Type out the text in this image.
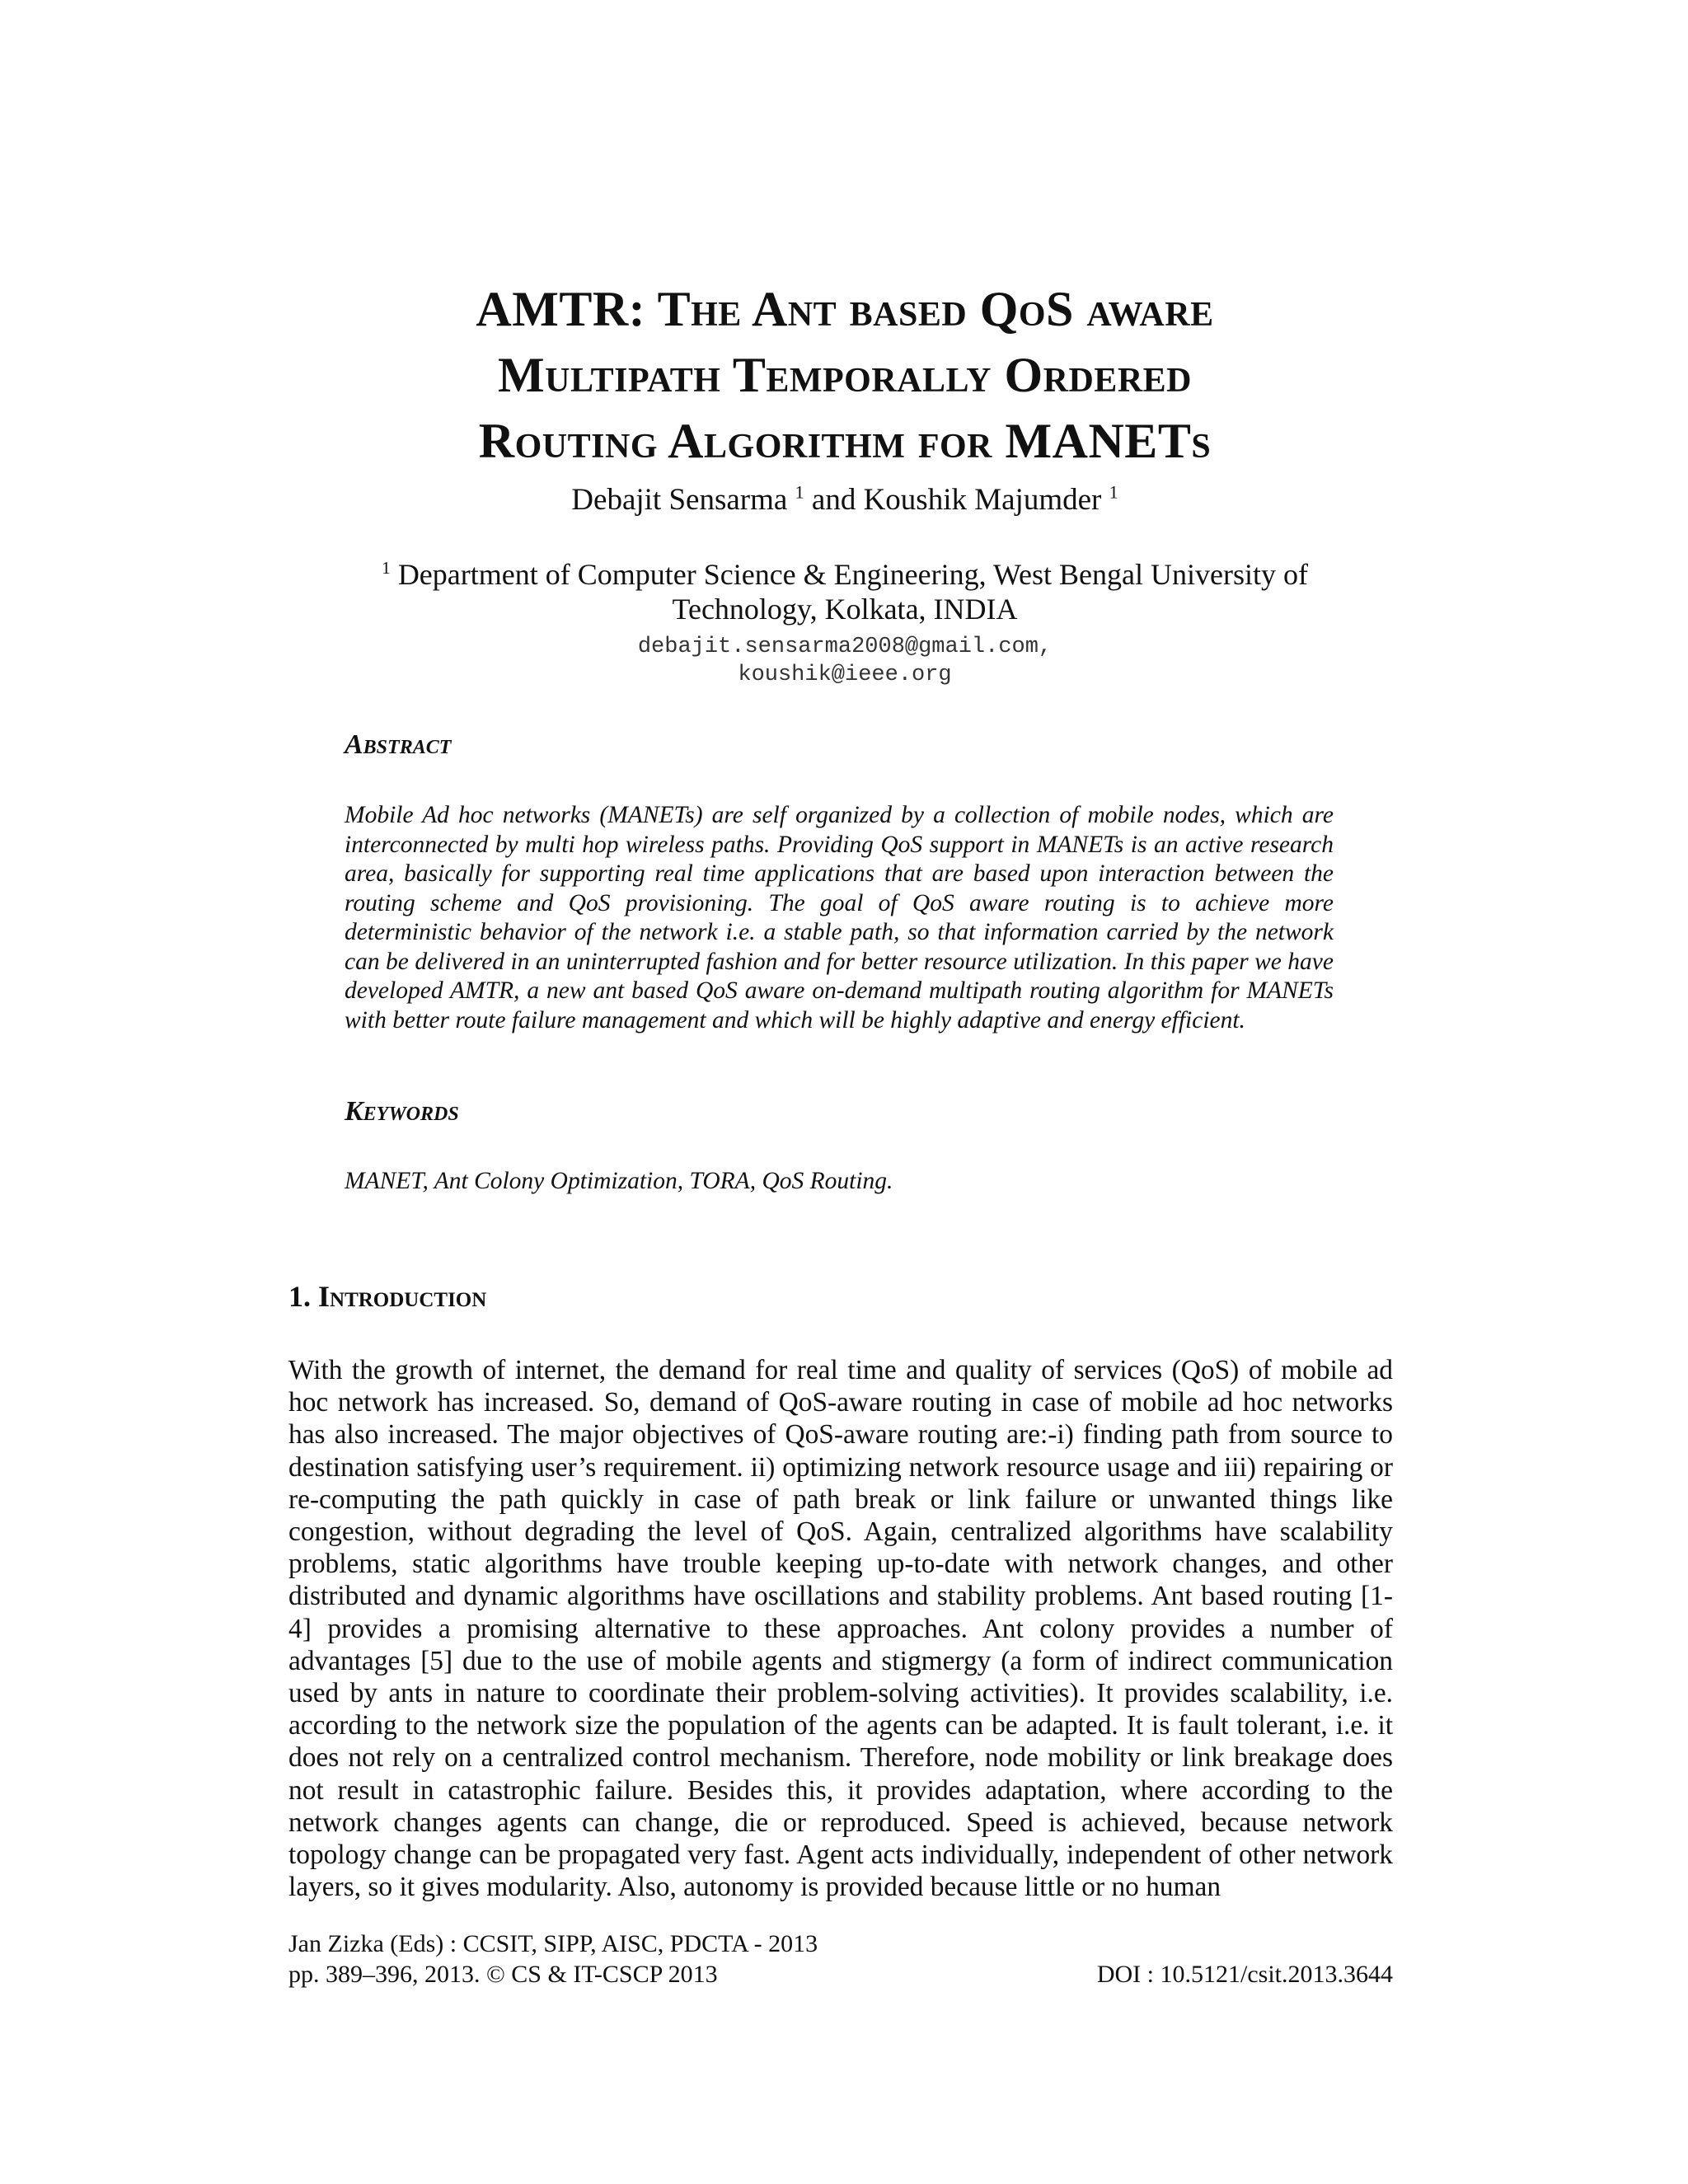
AMTR: The Ant based QoS aware
Multipath Temporally Ordered
Routing Algorithm for MANETs
Debajit Sensarma $^1$ and Koushik Majumder $^1$
$^1$ Department of Computer Science & Engineering, West Bengal University of Technology, Kolkata, INDIA
debajit.sensarma2008@gmail.com,
koushik@ieee.org
Abstract
Mobile Ad hoc networks (MANETs) are self organized by a collection of mobile nodes, which are interconnected by multi hop wireless paths. Providing QoS support in MANETs is an active research area, basically for supporting real time applications that are based upon interaction between the routing scheme and QoS provisioning. The goal of QoS aware routing is to achieve more deterministic behavior of the network i.e. a stable path, so that information carried by the network can be delivered in an uninterrupted fashion and for better resource utilization. In this paper we have developed AMTR, a new ant based QoS aware on-demand multipath routing algorithm for MANETs with better route failure management and which will be highly adaptive and energy efficient.
Keywords
MANET, Ant Colony Optimization, TORA, QoS Routing.
1. Introduction
With the growth of internet, the demand for real time and quality of services (QoS) of mobile ad hoc network has increased. So, demand of QoS-aware routing in case of mobile ad hoc networks has also increased. The major objectives of QoS-aware routing are:-i) finding path from source to destination satisfying user’s requirement. ii) optimizing network resource usage and iii) repairing or re-computing the path quickly in case of path break or link failure or unwanted things like congestion, without degrading the level of QoS. Again, centralized algorithms have scalability problems, static algorithms have trouble keeping up-to-date with network changes, and other distributed and dynamic algorithms have oscillations and stability problems. Ant based routing [1-4] provides a promising alternative to these approaches. Ant colony provides a number of advantages [5] due to the use of mobile agents and stigmergy (a form of indirect communication used by ants in nature to coordinate their problem-solving activities). It provides scalability, i.e. according to the network size the population of the agents can be adapted. It is fault tolerant, i.e. it does not rely on a centralized control mechanism. Therefore, node mobility or link breakage does not result in catastrophic failure. Besides this, it provides adaptation, where according to the network changes agents can change, die or reproduced. Speed is achieved, because network topology change can be propagated very fast. Agent acts individually, independent of other network layers, so it gives modularity. Also, autonomy is provided because little or no human
Jan Zizka (Eds) : CCSIT, SIPP, AISC, PDCTA - 2013
pp. 389–396, 2013. © CS & IT-CSCP 2013	DOI : 10.5121/csit.2013.3644
